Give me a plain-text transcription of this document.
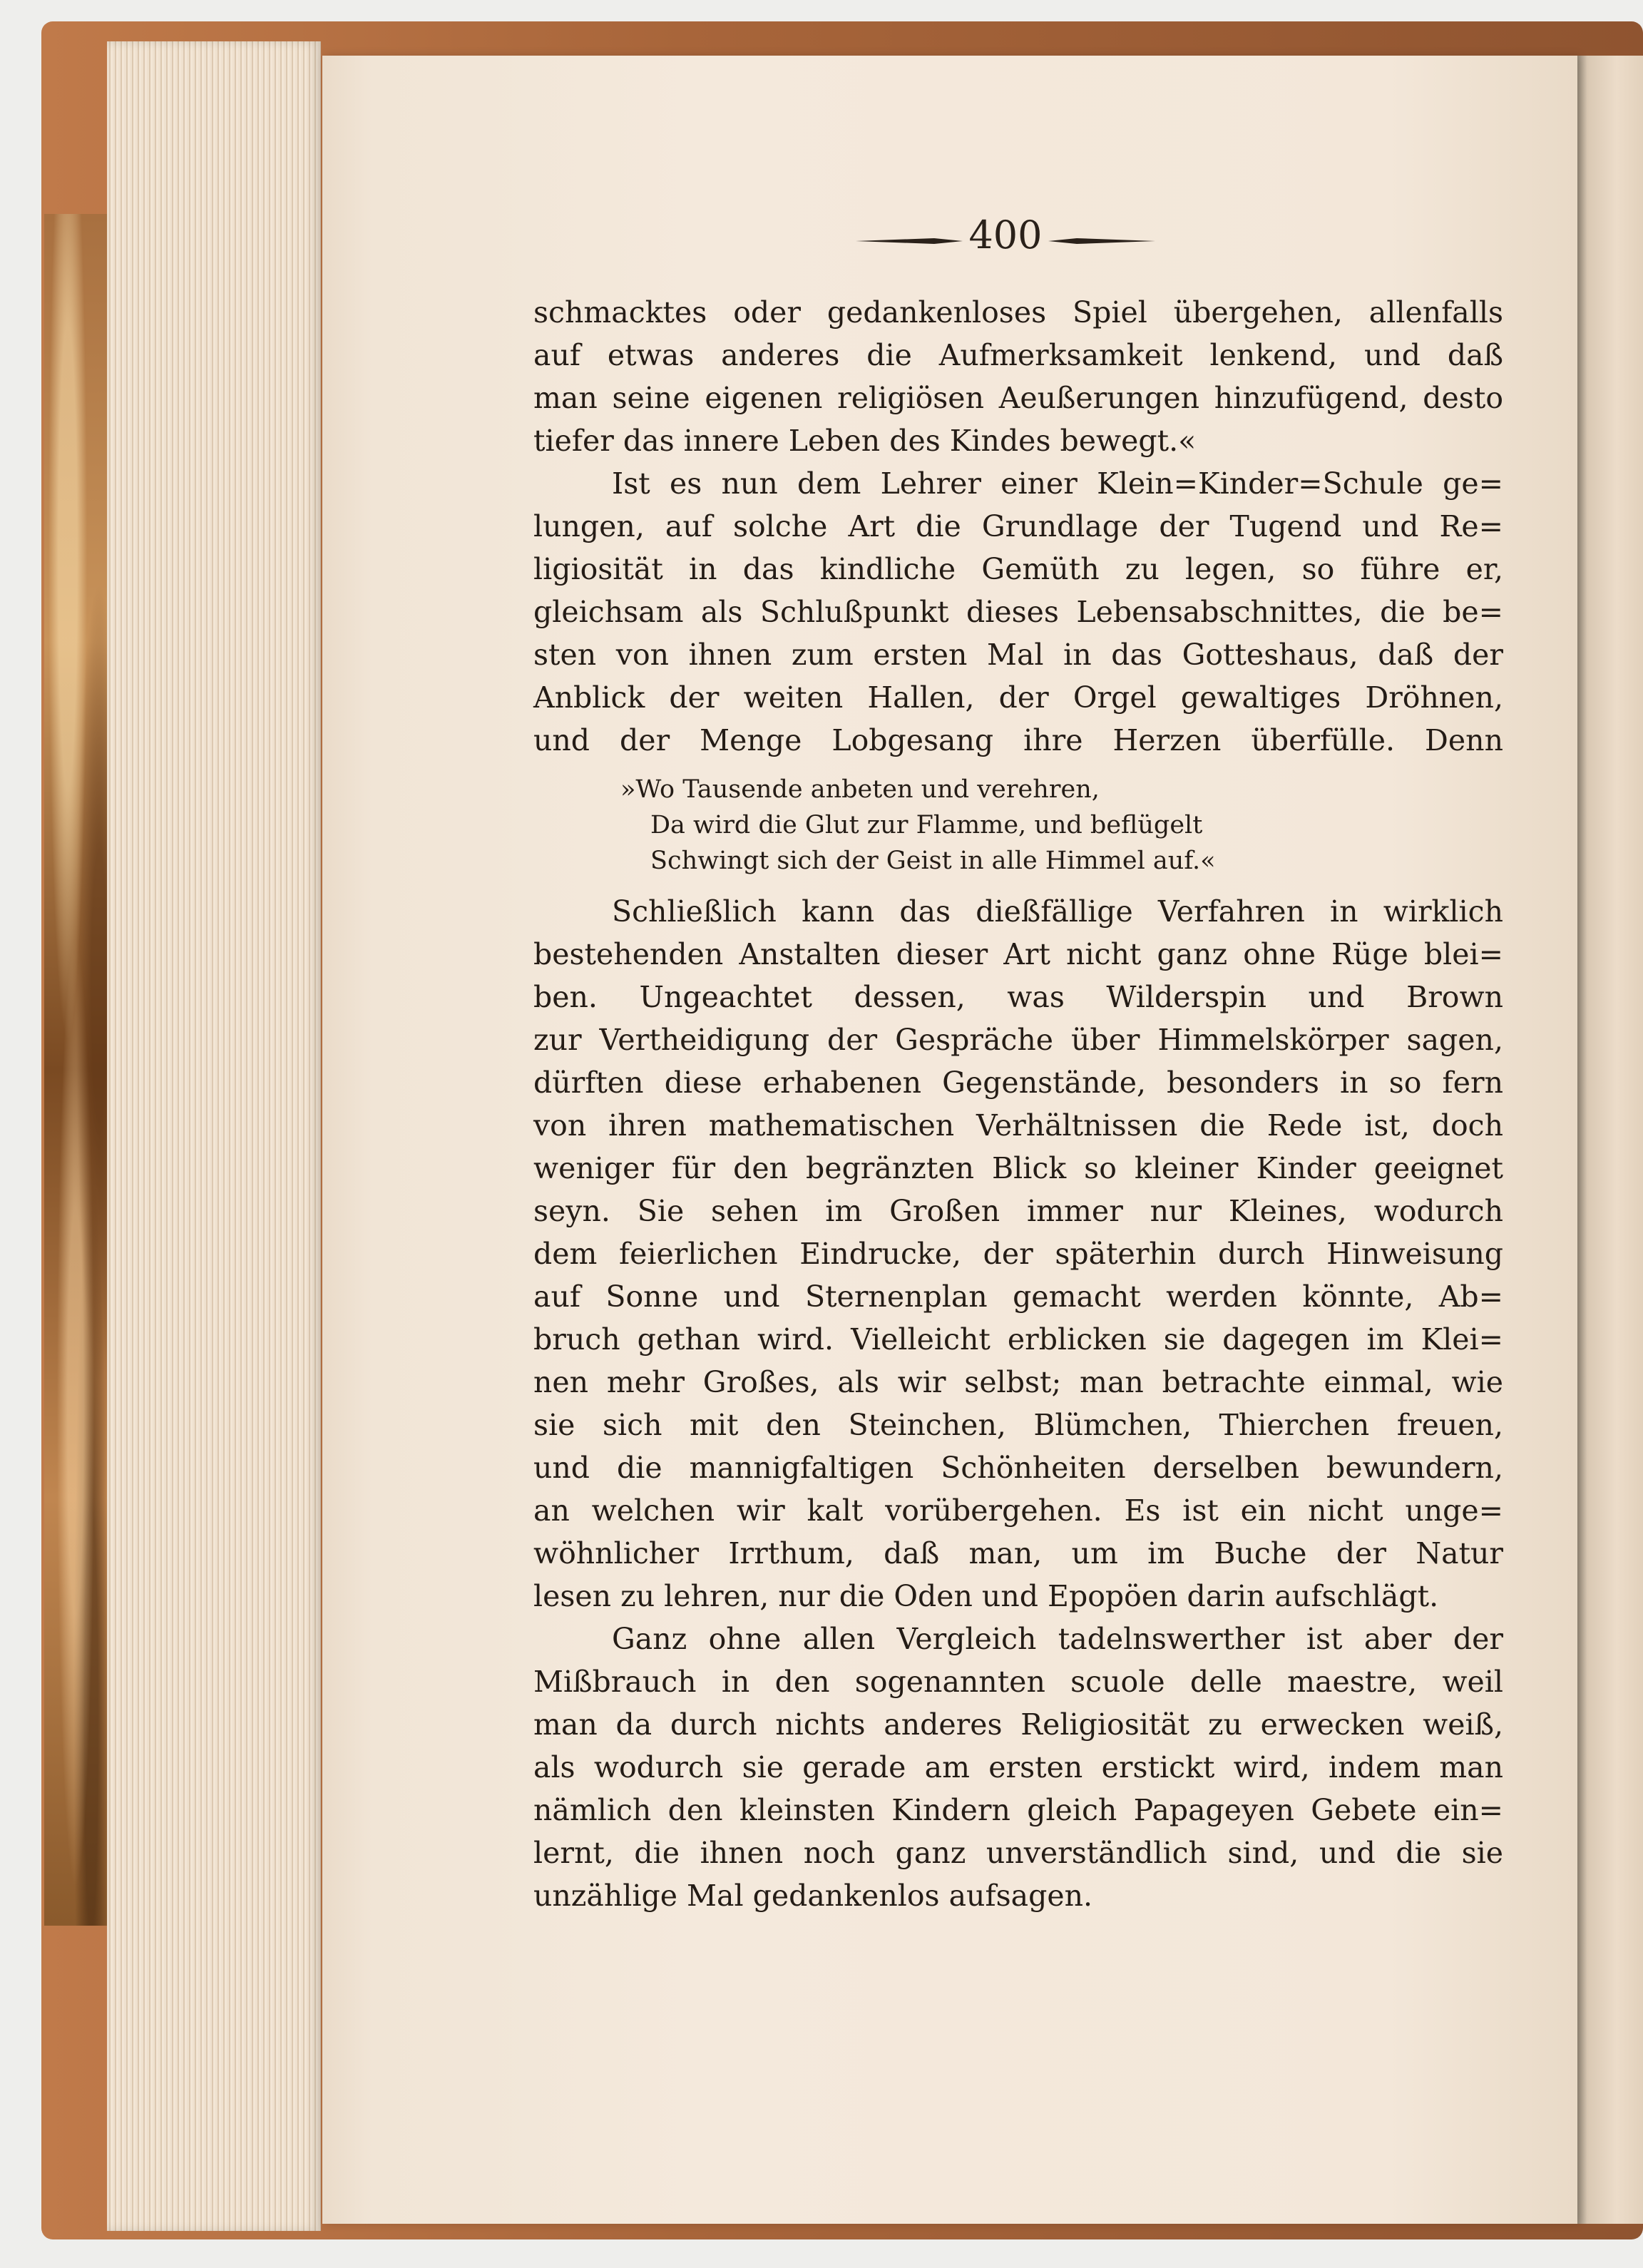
400
schmacktes oder gedankenloses Spiel übergehen, allenfalls
auf etwas anderes die Aufmerksamkeit lenkend, und daß
man seine eigenen religiösen Aeußerungen hinzufügend, desto
tiefer das innere Leben des Kindes bewegt.«
Ist es nun dem Lehrer einer Klein=Kinder=Schule ge=
lungen, auf solche Art die Grundlage der Tugend und Re=
ligiosität in das kindliche Gemüth zu legen, so führe er,
gleichsam als Schlußpunkt dieses Lebensabschnittes, die be=
sten von ihnen zum ersten Mal in das Gotteshaus, daß der
Anblick der weiten Hallen, der Orgel gewaltiges Dröhnen,
und der Menge Lobgesang ihre Herzen überfülle. Denn
»Wo Tausende anbeten und verehren,
Da wird die Glut zur Flamme, und beflügelt
Schwingt sich der Geist in alle Himmel auf.«
Schließlich kann das dießfällige Verfahren in wirklich
bestehenden Anstalten dieser Art nicht ganz ohne Rüge blei=
ben. Ungeachtet dessen, was Wilderspin und Brown
zur Vertheidigung der Gespräche über Himmelskörper sagen,
dürften diese erhabenen Gegenstände, besonders in so fern
von ihren mathematischen Verhältnissen die Rede ist, doch
weniger für den begränzten Blick so kleiner Kinder geeignet
seyn. Sie sehen im Großen immer nur Kleines, wodurch
dem feierlichen Eindrucke, der späterhin durch Hinweisung
auf Sonne und Sternenplan gemacht werden könnte, Ab=
bruch gethan wird. Vielleicht erblicken sie dagegen im Klei=
nen mehr Großes, als wir selbst; man betrachte einmal, wie
sie sich mit den Steinchen, Blümchen, Thierchen freuen,
und die mannigfaltigen Schönheiten derselben bewundern,
an welchen wir kalt vorübergehen. Es ist ein nicht unge=
wöhnlicher Irrthum, daß man, um im Buche der Natur
lesen zu lehren, nur die Oden und Epopöen darin aufschlägt.
Ganz ohne allen Vergleich tadelnswerther ist aber der
Mißbrauch in den sogenannten scuole delle maestre, weil
man da durch nichts anderes Religiosität zu erwecken weiß,
als wodurch sie gerade am ersten erstickt wird, indem man
nämlich den kleinsten Kindern gleich Papageyen Gebete ein=
lernt, die ihnen noch ganz unverständlich sind, und die sie
unzählige Mal gedankenlos aufsagen.
